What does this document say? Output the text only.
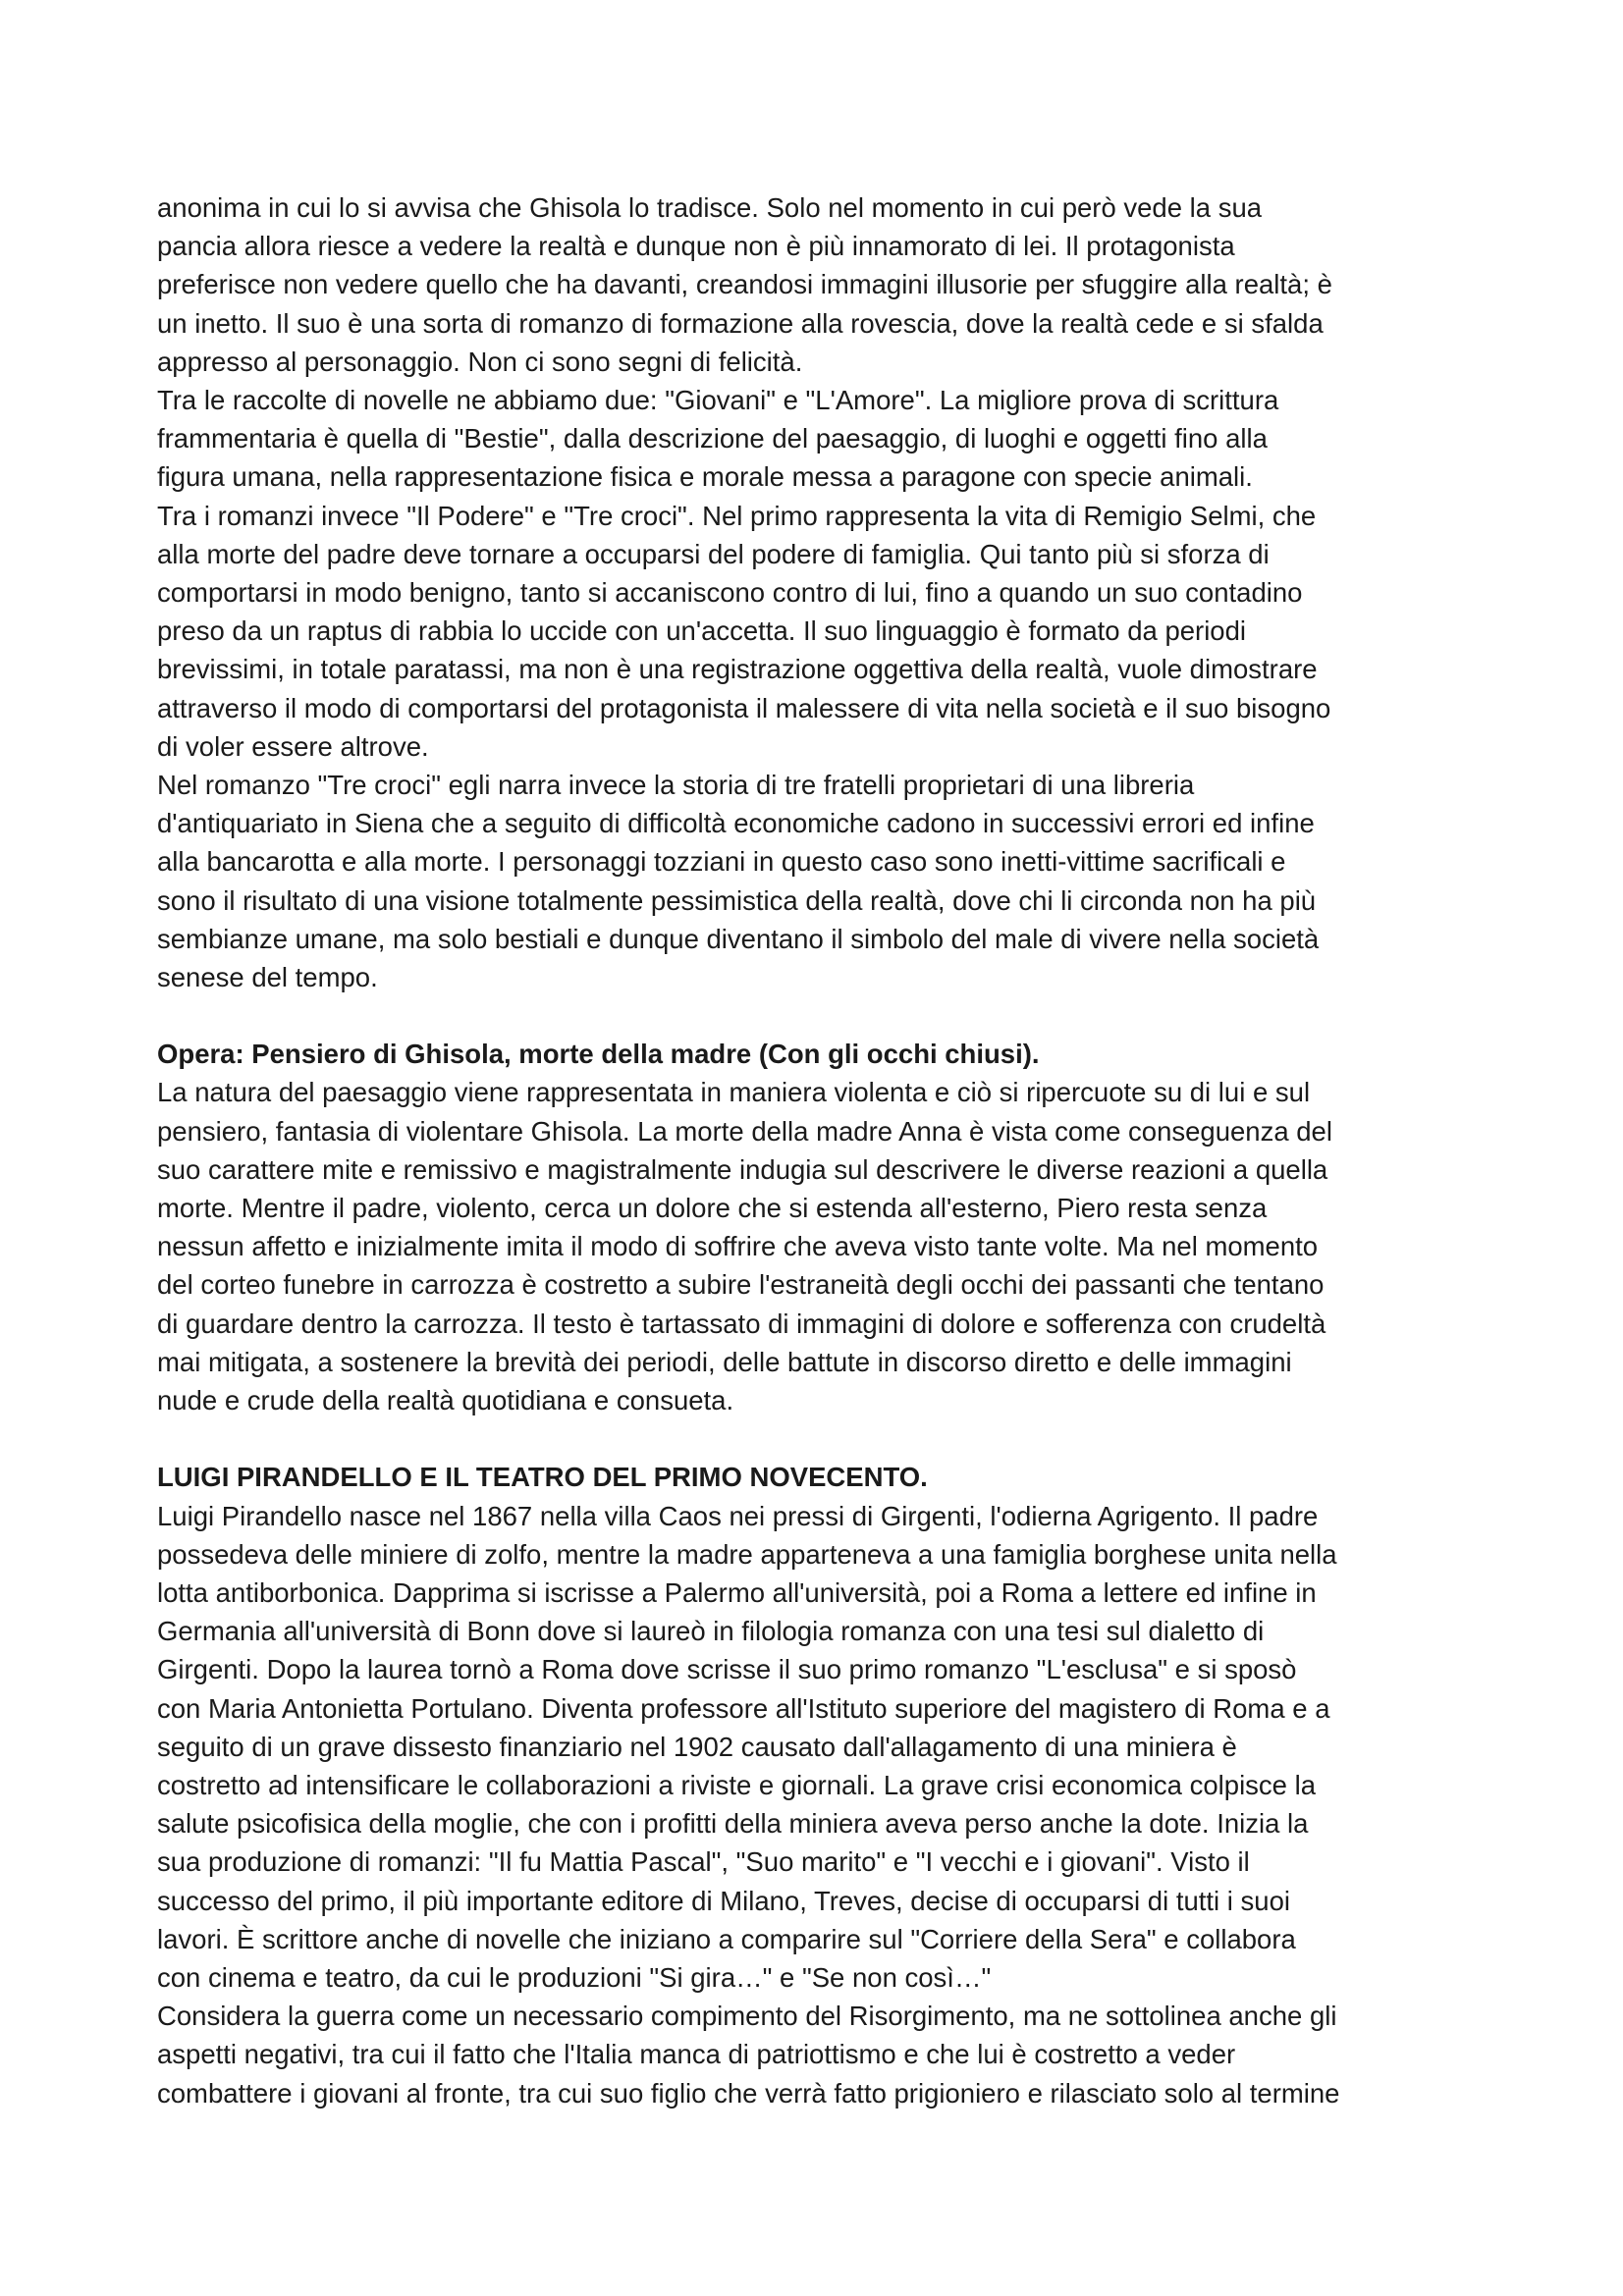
anonima in cui lo si avvisa che Ghisola lo tradisce. Solo nel momento in cui però vede la sua
pancia allora riesce a vedere la realtà e dunque non è più innamorato di lei. Il protagonista
preferisce non vedere quello che ha davanti, creandosi immagini illusorie per sfuggire alla realtà; è
un inetto. Il suo è una sorta di romanzo di formazione alla rovescia, dove la realtà cede e si sfalda
appresso al personaggio. Non ci sono segni di felicità.

Tra le raccolte di novelle ne abbiamo due: "Giovani" e "L'Amore". La migliore prova di scrittura
frammentaria è quella di "Bestie", dalla descrizione del paesaggio, di luoghi e oggetti fino alla
figura umana, nella rappresentazione fisica e morale messa a paragone con specie animali.

Tra i romanzi invece "Il Podere" e "Tre croci". Nel primo rappresenta la vita di Remigio Selmi, che
alla morte del padre deve tornare a occuparsi del podere di famiglia. Qui tanto più si sforza di
comportarsi in modo benigno, tanto si accaniscono contro di lui, fino a quando un suo contadino
preso da un raptus di rabbia lo uccide con un'accetta. Il suo linguaggio è formato da periodi
brevissimi, in totale paratassi, ma non è una registrazione oggettiva della realtà, vuole dimostrare
attraverso il modo di comportarsi del protagonista il malessere di vita nella società e il suo bisogno
di voler essere altrove.

Nel romanzo "Tre croci" egli narra invece la storia di tre fratelli proprietari di una libreria
d'antiquariato in Siena che a seguito di difficoltà economiche cadono in successivi errori ed infine
alla bancarotta e alla morte. I personaggi tozziani in questo caso sono inetti-vittime sacrificali e
sono il risultato di una visione totalmente pessimistica della realtà, dove chi li circonda non ha più
sembianze umane, ma solo bestiali e dunque diventano il simbolo del male di vivere nella società
senese del tempo.

Opera: Pensiero di Ghisola, morte della madre (Con gli occhi chiusi).

La natura del paesaggio viene rappresentata in maniera violenta e ciò si ripercuote su di lui e sul
pensiero, fantasia di violentare Ghisola. La morte della madre Anna è vista come conseguenza del
suo carattere mite e remissivo e magistralmente indugia sul descrivere le diverse reazioni a quella
morte. Mentre il padre, violento, cerca un dolore che si estenda all'esterno, Piero resta senza
nessun affetto e inizialmente imita il modo di soffrire che aveva visto tante volte. Ma nel momento
del corteo funebre in carrozza è costretto a subire l'estraneità degli occhi dei passanti che tentano
di guardare dentro la carrozza. Il testo è tartassato di immagini di dolore e sofferenza con crudeltà
mai mitigata, a sostenere la brevità dei periodi, delle battute in discorso diretto e delle immagini
nude e crude della realtà quotidiana e consueta.

LUIGI PIRANDELLO E IL TEATRO DEL PRIMO NOVECENTO.

Luigi Pirandello nasce nel 1867 nella villa Caos nei pressi di Girgenti, l'odierna Agrigento. Il padre
possedeva delle miniere di zolfo, mentre la madre apparteneva a una famiglia borghese unita nella
lotta antiborbonica. Dapprima si iscrisse a Palermo all'università, poi a Roma a lettere ed infine in
Germania all'università di Bonn dove si laureò in filologia romanza con una tesi sul dialetto di
Girgenti. Dopo la laurea tornò a Roma dove scrisse il suo primo romanzo "L'esclusa" e si sposò
con Maria Antonietta Portulano. Diventa professore all'Istituto superiore del magistero di Roma e a
seguito di un grave dissesto finanziario nel 1902 causato dall'allagamento di una miniera è
costretto ad intensificare le collaborazioni a riviste e giornali. La grave crisi economica colpisce la
salute psicofisica della moglie, che con i profitti della miniera aveva perso anche la dote. Inizia la
sua produzione di romanzi: "Il fu Mattia Pascal", "Suo marito" e "I vecchi e i giovani". Visto il
successo del primo, il più importante editore di Milano, Treves, decise di occuparsi di tutti i suoi
lavori. È scrittore anche di novelle che iniziano a comparire sul "Corriere della Sera" e collabora
con cinema e teatro, da cui le produzioni "Si gira…" e "Se non così…"

Considera la guerra come un necessario compimento del Risorgimento, ma ne sottolinea anche gli
aspetti negativi, tra cui il fatto che l'Italia manca di patriottismo e che lui è costretto a veder
combattere i giovani al fronte, tra cui suo figlio che verrà fatto prigioniero e rilasciato solo al termine
